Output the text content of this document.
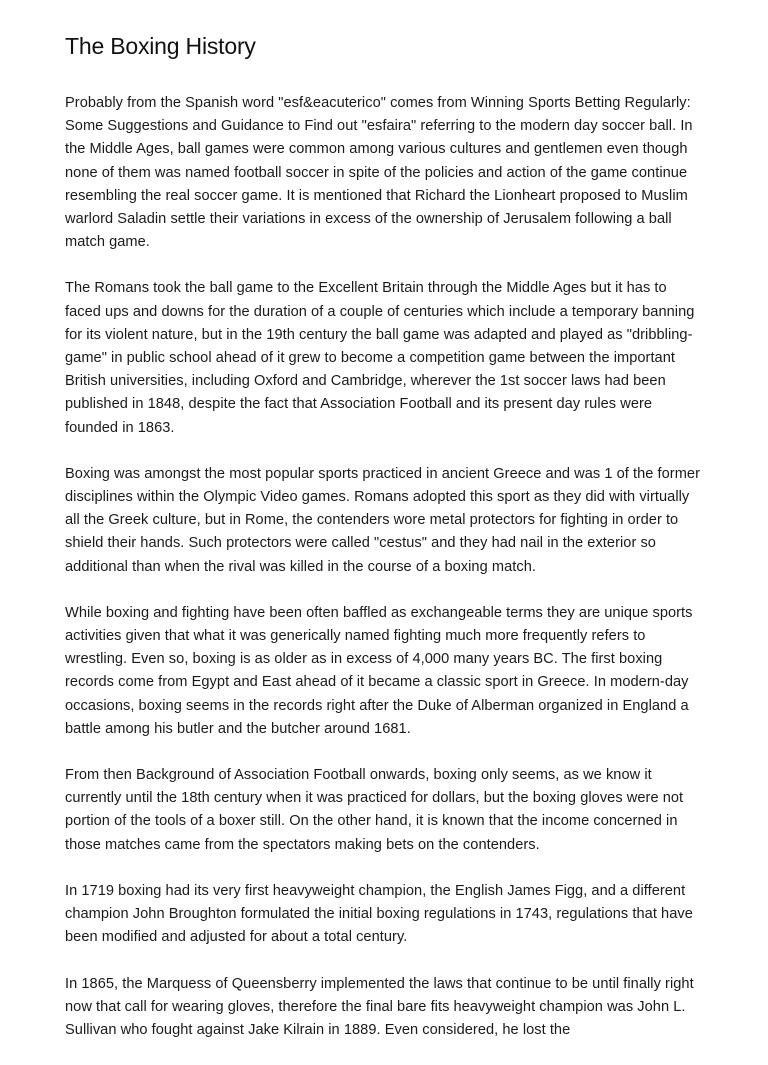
The Boxing History

Probably from the Spanish word "esf&eacuterico" comes from Winning Sports Betting Regularly: Some Suggestions and Guidance to Find out "esfaira" referring to the modern day soccer ball. In the Middle Ages, ball games were common among various cultures and gentlemen even though none of them was named football soccer in spite of the policies and action of the game continue resembling the real soccer game. It is mentioned that Richard the Lionheart proposed to Muslim warlord Saladin settle their variations in excess of the ownership of Jerusalem following a ball match game.

The Romans took the ball game to the Excellent Britain through the Middle Ages but it has to faced ups and downs for the duration of a couple of centuries which include a temporary banning for its violent nature, but in the 19th century the ball game was adapted and played as "dribbling-game" in public school ahead of it grew to become a competition game between the important British universities, including Oxford and Cambridge, wherever the 1st soccer laws had been published in 1848, despite the fact that Association Football and its present day rules were founded in 1863.

Boxing was amongst the most popular sports practiced in ancient Greece and was 1 of the former disciplines within the Olympic Video games. Romans adopted this sport as they did with virtually all the Greek culture, but in Rome, the contenders wore metal protectors for fighting in order to shield their hands. Such protectors were called "cestus" and they had nail in the exterior so additional than when the rival was killed in the course of a boxing match.

While boxing and fighting have been often baffled as exchangeable terms they are unique sports activities given that what it was generically named fighting much more frequently refers to wrestling. Even so, boxing is as older as in excess of 4,000 many years BC. The first boxing records come from Egypt and East ahead of it became a classic sport in Greece. In modern-day occasions, boxing seems in the records right after the Duke of Alberman organized in England a battle among his butler and the butcher around 1681.

From then Background of Association Football onwards, boxing only seems, as we know it currently until the 18th century when it was practiced for dollars, but the boxing gloves were not portion of the tools of a boxer still. On the other hand, it is known that the income concerned in those matches came from the spectators making bets on the contenders.

In 1719 boxing had its very first heavyweight champion, the English James Figg, and a different champion John Broughton formulated the initial boxing regulations in 1743, regulations that have been modified and adjusted for about a total century.

In 1865, the Marquess of Queensberry implemented the laws that continue to be until finally right now that call for wearing gloves, therefore the final bare fits heavyweight champion was John L. Sullivan who fought against Jake Kilrain in 1889. Even considered, he lost the
